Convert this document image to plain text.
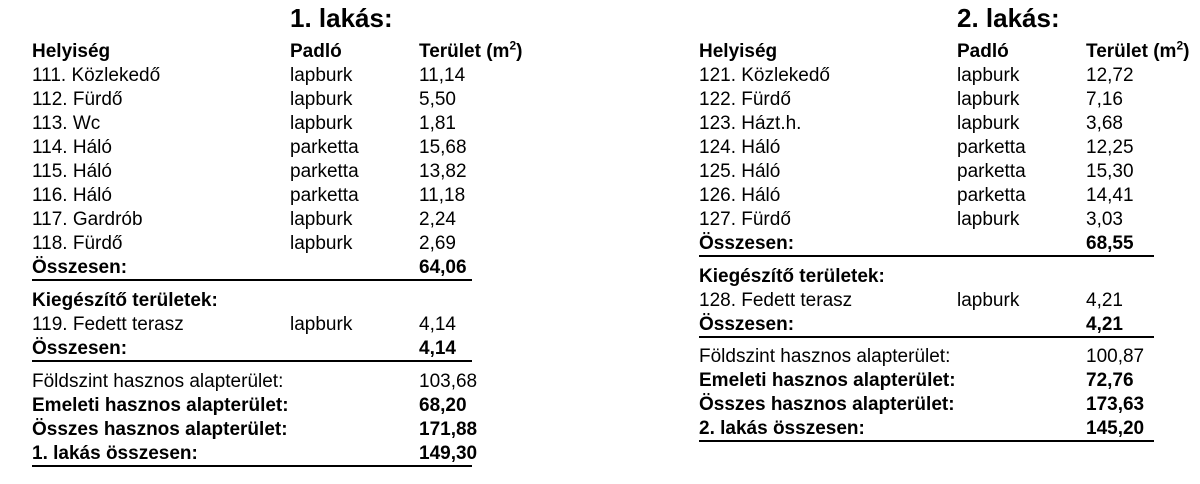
1. lakás:
Helyiség	Padló	Terület $(m^2)$
111. Közlekedő	lapburk	11,14
112. Fürdő	lapburk	5,50
113. Wc	lapburk	1,81
114. Háló	parketta	15,68
115. Háló	parketta	13,82
116. Háló	parketta	11,18
117. Gardrób	lapburk	2,24
118. Fürdő	lapburk	2,69
Összesen:	64,06
Kiegészítő területek:
119. Fedett terasz	lapburk	4,14
Összesen:	4,14
Földszint hasznos alapterület:	103,68
Emeleti hasznos alapterület:	68,20
Összes hasznos alapterület:	171,88
1. lakás összesen:	149,30
2. lakás:
Helyiség	Padló	Terület $(m^2)$
121. Közlekedő	lapburk	12,72
122. Fürdő	lapburk	7,16
123. Házt.h.	lapburk	3,68
124. Háló	parketta	12,25
125. Háló	parketta	15,30
126. Háló	parketta	14,41
127. Fürdő	lapburk	3,03
Összesen:	68,55
Kiegészítő területek:
128. Fedett terasz	lapburk	4,21
Összesen:	4,21
Földszint hasznos alapterület:	100,87
Emeleti hasznos alapterület:	72,76
Összes hasznos alapterület:	173,63
2. lakás összesen:	145,20
